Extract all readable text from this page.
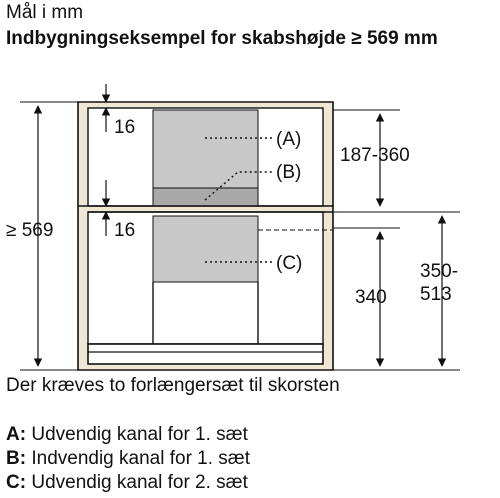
Mål i mm
Indbygningseksempel for skabshøjde ≥ 569 mm
≥ 569
16
16
187-360
340
350-
513
(A)
(B)
(C)
Der kræves to forlængersæt til skorsten
A: Udvendig kanal for 1. sæt
B: Indvendig kanal for 1. sæt
C: Udvendig kanal for 2. sæt
